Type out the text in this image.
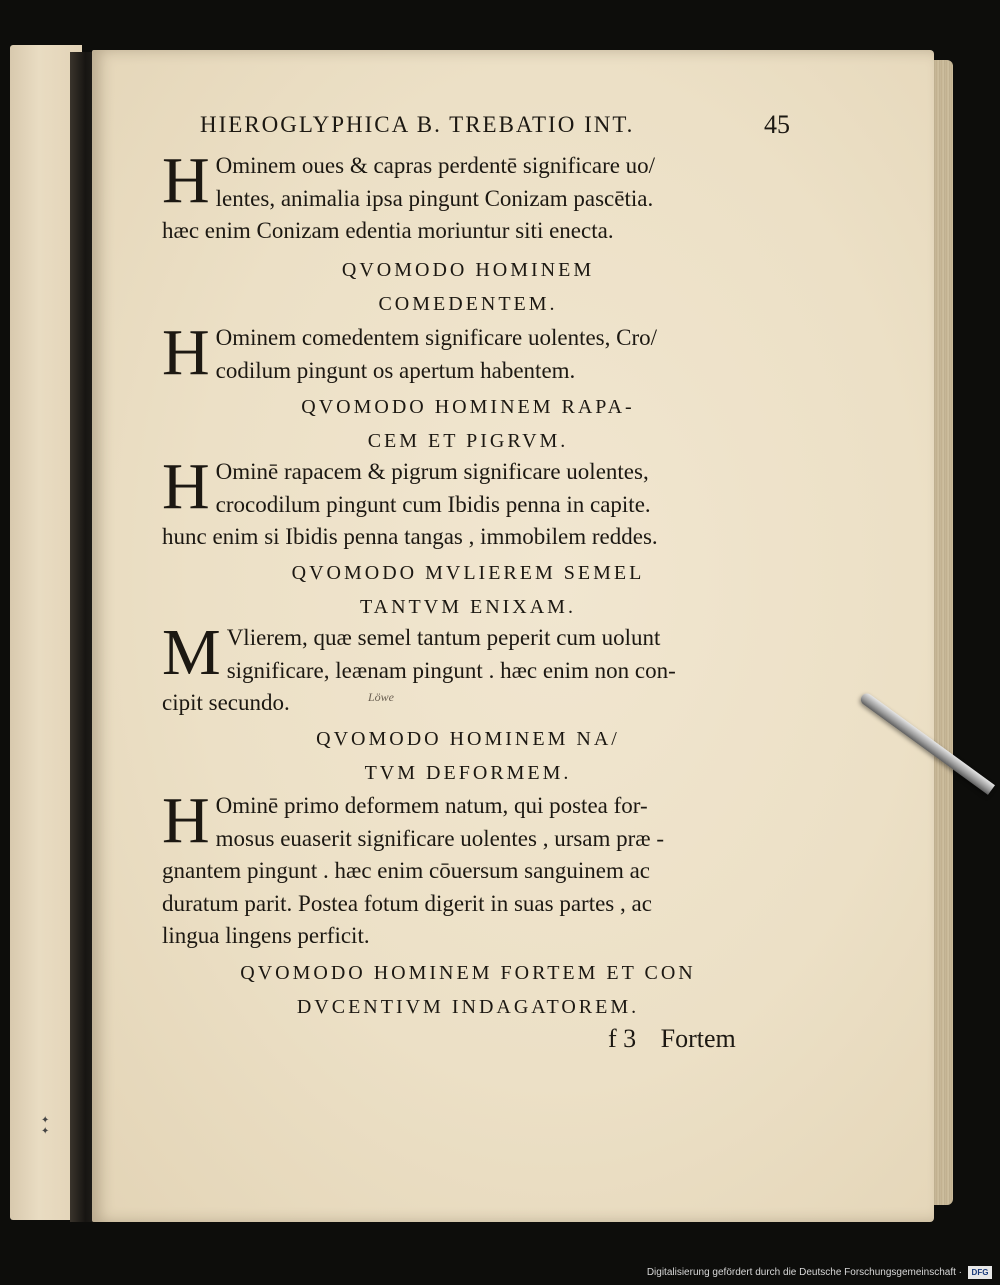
✦
✦
HIEROGLYPHICA B. TREBATIO INT.	45
H Ominem oues & capras perdentē significare uo/
lentes, animalia ipsa pingunt Conizam pascētia.
hæc enim Conizam edentia moriuntur siti enecta.

QVOMODO HOMINEM

COMEDENTEM.

H Ominem comedentem significare uolentes, Cro/
codilum pingunt os apertum habentem.

QVOMODO HOMINEM RAPA-

CEM ET PIGRVM.

H Ominē rapacem & pigrum significare uolentes,
crocodilum pingunt cum Ibidis penna in capite.
hunc enim si Ibidis penna tangas , immobilem reddes.

QVOMODO MVLIEREM SEMEL

TANTVM ENIXAM.

M Vlierem, quæ semel tantum peperit cum uolunt
significare, leænam pingunt . hæc enim non con-
cipit secundo.	Löwe

QVOMODO HOMINEM NA/

TVM DEFORMEM.

H Ominē primo deformem natum, qui postea for-
mosus euaserit significare uolentes , ursam præ -
gnantem pingunt . hæc enim cōuersum sanguinem ac
duratum parit. Postea fotum digerit in suas partes , ac
lingua lingens perficit.

QVOMODO HOMINEM FORTEM ET CON

DVCENTIVM INDAGATOREM.

f 3 Fortem
Digitalisierung gefördert durch die Deutsche Forschungsgemeinschaft ·	DFG
